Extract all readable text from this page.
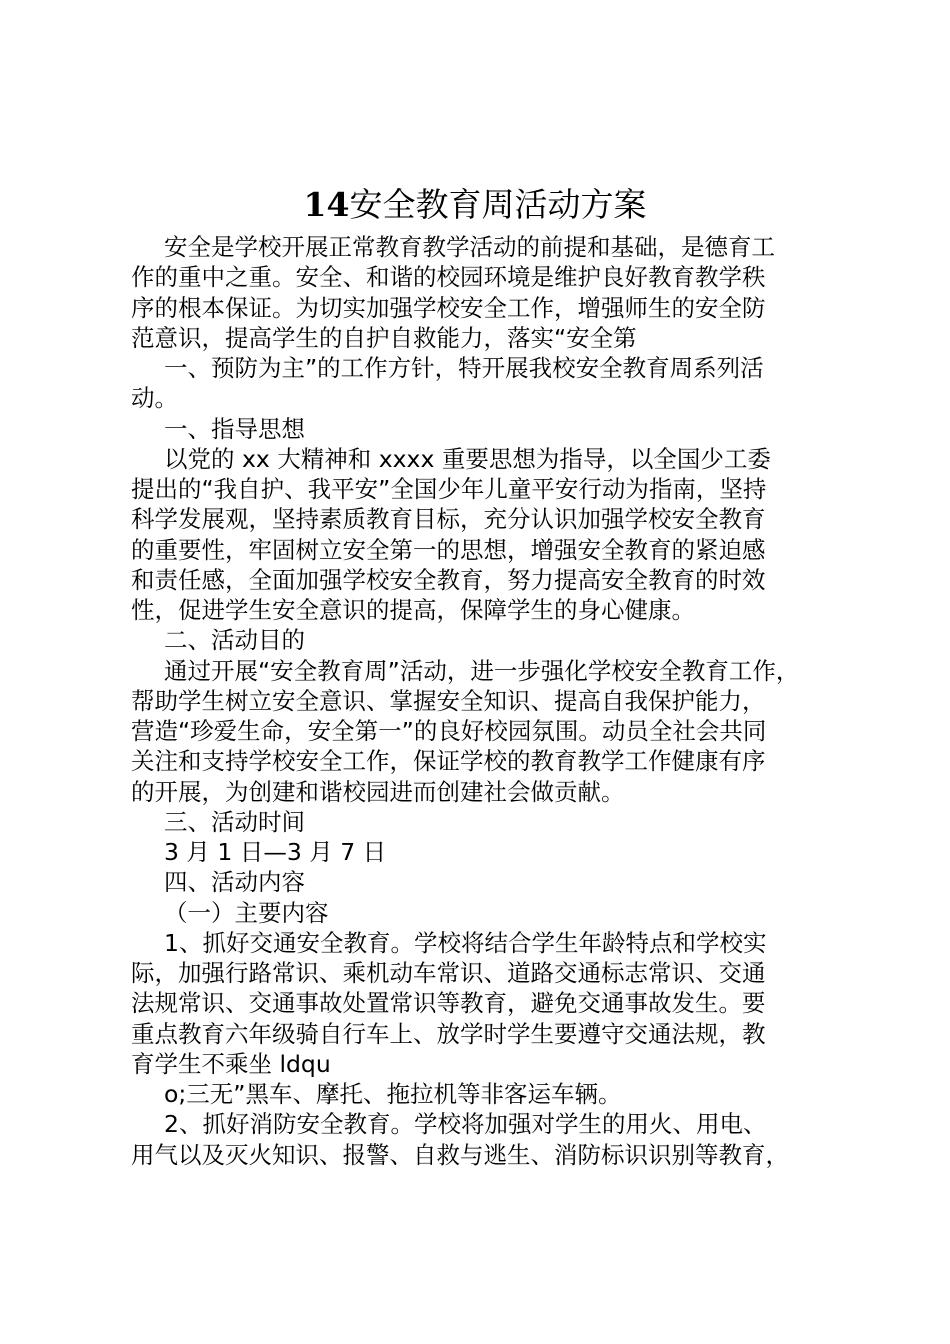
14安全教育周活动方案
安全是学校开展正常教育教学活动的前提和基础，是德育工
作的重中之重。安全、和谐的校园环境是维护良好教育教学秩
序的根本保证。为切实加强学校安全工作，增强师生的安全防
范意识，提高学生的自护自救能力，落实“安全第
一、预防为主”的工作方针，特开展我校安全教育周系列活
动。
一、指导思想
以党的 xx 大精神和 xxxx 重要思想为指导，以全国少工委
提出的“我自护、我平安”全国少年儿童平安行动为指南，坚持
科学发展观，坚持素质教育目标，充分认识加强学校安全教育
的重要性，牢固树立安全第一的思想，增强安全教育的紧迫感
和责任感，全面加强学校安全教育，努力提高安全教育的时效
性，促进学生安全意识的提高，保障学生的身心健康。
二、活动目的
通过开展“安全教育周”活动，进一步强化学校安全教育工作，
帮助学生树立安全意识、掌握安全知识、提高自我保护能力，
营造“珍爱生命，安全第一”的良好校园氛围。动员全社会共同
关注和支持学校安全工作，保证学校的教育教学工作健康有序
的开展，为创建和谐校园进而创建社会做贡献。
三、活动时间
3 月 1 日—3 月 7 日
四、活动内容
（一）主要内容
1、抓好交通安全教育。学校将结合学生年龄特点和学校实
际，加强行路常识、乘机动车常识、道路交通标志常识、交通
法规常识、交通事故处置常识等教育，避免交通事故发生。要
重点教育六年级骑自行车上、放学时学生要遵守交通法规，教
育学生不乘坐 ldqu
o;三无”黑车、摩托、拖拉机等非客运车辆。
2、抓好消防安全教育。学校将加强对学生的用火、用电、
用气以及灭火知识、报警、自救与逃生、消防标识识别等教育，
